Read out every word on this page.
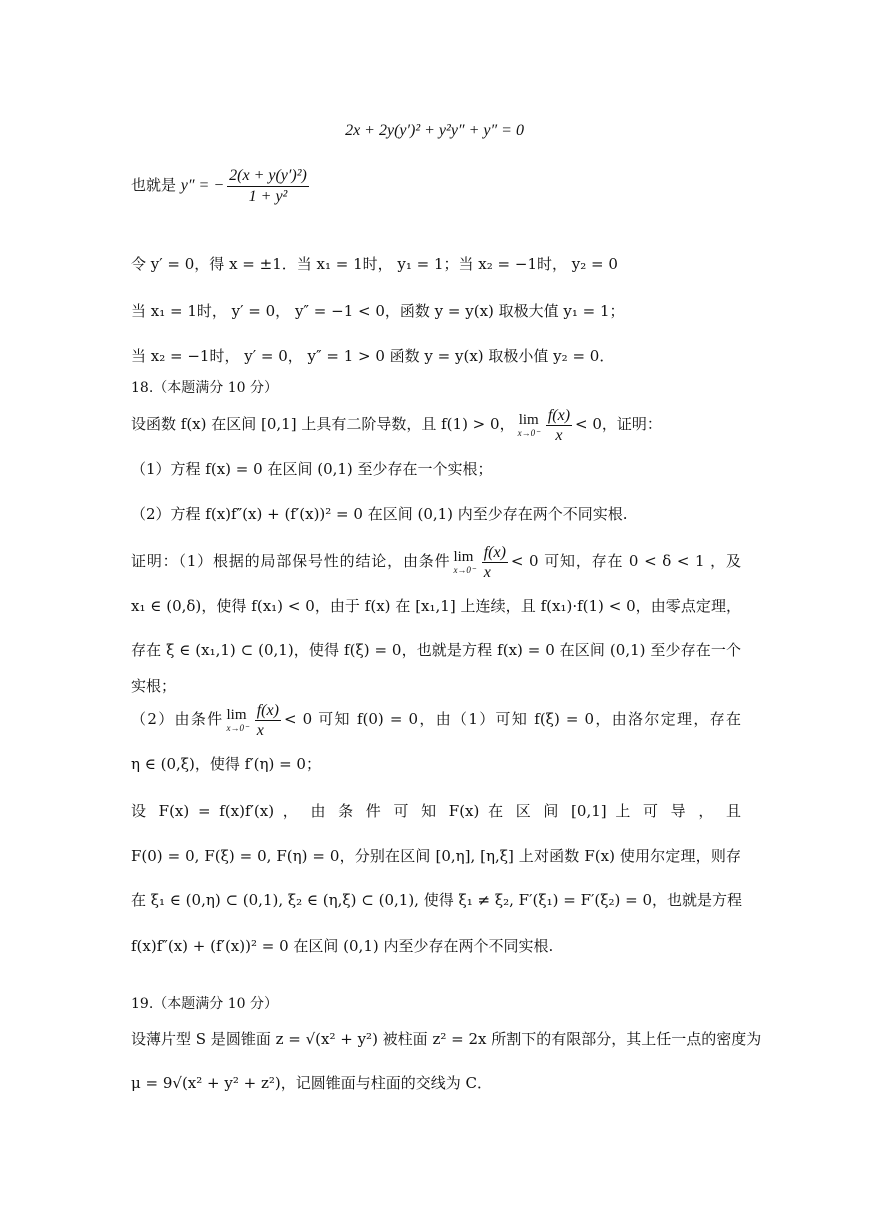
2x + 2y(y′)² + y²y″ + y″ = 0
也就是 y″ = − $\frac{\text{2(x + y(y′)²)}}{\text{1 + y²}}$
令 y′ = 0，得 x = ±1．当 x₁ = 1时， y₁ = 1；当 x₂ = −1时， y₂ = 0
当 x₁ = 1时， y′ = 0， y″ = −1 < 0，函数 y = y(x) 取极大值 y₁ = 1；
当 x₂ = −1时， y′ = 0， y″ = 1 > 0 函数 y = y(x) 取极小值 y₂ = 0．
18.（本题满分 10 分）
设函数 f(x) 在区间 [0,1] 上具有二阶导数，且 f(1) > 0， lim
$x\to 0^- \frac{f(x)}{x} < 0$，证明：
（1）方程 f(x) = 0 在区间 (0,1) 至少存在一个实根；
（2）方程 f(x)f″(x) + (f′(x))² = 0 在区间 (0,1) 内至少存在两个不同实根.
证明：（1）根据的局部保号性的结论，由条件 lim
$x\to 0^- \frac{f(x)}{x} < 0$ 可知，存在 0 < δ < 1 ，及
x₁ ∈ (0,δ)，使得 f(x₁) < 0，由于 f(x) 在 [x₁,1] 上连续，且 f(x₁)·f(1) < 0，由零点定理，
存在 ξ ∈ (x₁,1) ⊂ (0,1)，使得 f(ξ) = 0，也就是方程 f(x) = 0 在区间 (0,1) 至少存在一个
实根；
（2）由条件 lim
$x\to 0^- \frac{f(x)}{x} < 0$ 可知 f(0) = 0，由（1）可知 f(ξ) = 0，由洛尔定理，存在
η ∈ (0,ξ)，使得 f′(η) = 0；
设 F(x) = f(x)f′(x) ， 由 条 件 可 知 F(x) 在 区 间 [0,1] 上 可 导 ， 且
F(0) = 0, F(ξ) = 0, F(η) = 0，分别在区间 [0,η], [η,ξ] 上对函数 F(x) 使用尔定理，则存
在 ξ₁ ∈ (0,η) ⊂ (0,1), ξ₂ ∈ (η,ξ) ⊂ (0,1), 使得 ξ₁ ≠ ξ₂, F′(ξ₁) = F′(ξ₂) = 0，也就是方程
f(x)f″(x) + (f′(x))² = 0 在区间 (0,1) 内至少存在两个不同实根.
19.（本题满分 10 分）
设薄片型 S 是圆锥面 z = √(x² + y²) 被柱面 z² = 2x 所割下的有限部分，其上任一点的密度为
μ = 9√(x² + y² + z²)，记圆锥面与柱面的交线为 C．
